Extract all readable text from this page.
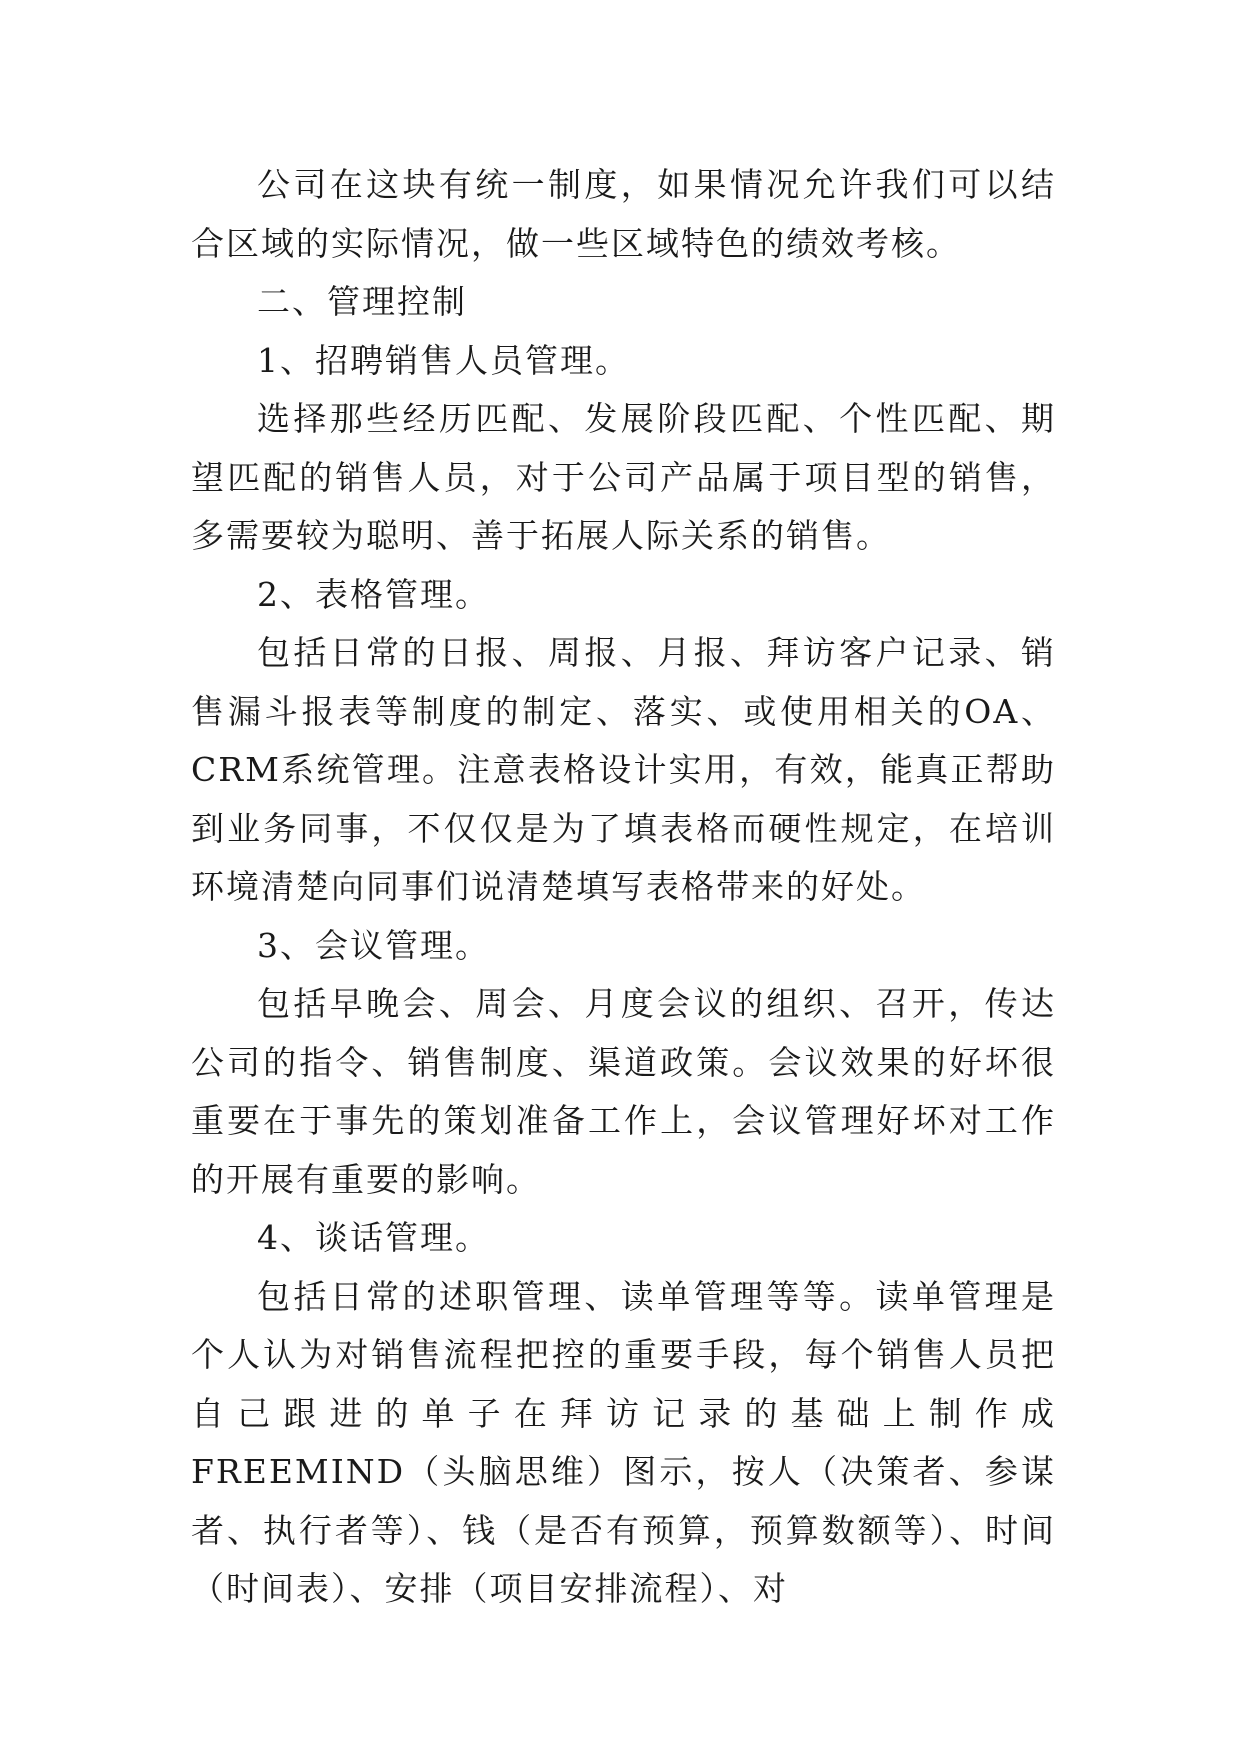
公司在这块有统一制度，如果情况允许我们可以结合区域的实际情况，做一些区域特色的绩效考核。

二、管理控制

1、招聘销售人员管理。

选择那些经历匹配、发展阶段匹配、个性匹配、期望匹配的销售人员，对于公司产品属于项目型的销售，多需要较为聪明、善于拓展人际关系的销售。

2、表格管理。

包括日常的日报、周报、月报、拜访客户记录、销售漏斗报表等制度的制定、落实、或使用相关的OA、CRM系统管理。注意表格设计实用，有效，能真正帮助到业务同事，不仅仅是为了填表格而硬性规定，在培训环境清楚向同事们说清楚填写表格带来的好处。

3、会议管理。

包括早晚会、周会、月度会议的组织、召开，传达公司的指令、销售制度、渠道政策。会议效果的好坏很重要在于事先的策划准备工作上，会议管理好坏对工作的开展有重要的影响。

4、谈话管理。

包括日常的述职管理、读单管理等等。读单管理是个人认为对销售流程把控的重要手段，每个销售人员把自己跟进的单子在拜访记录的基础上制作成FREEMIND（头脑思维）图示，按人（决策者、参谋者、执行者等）、钱（是否有预算，预算数额等）、时间（时间表）、安排（项目安排流程）、对
